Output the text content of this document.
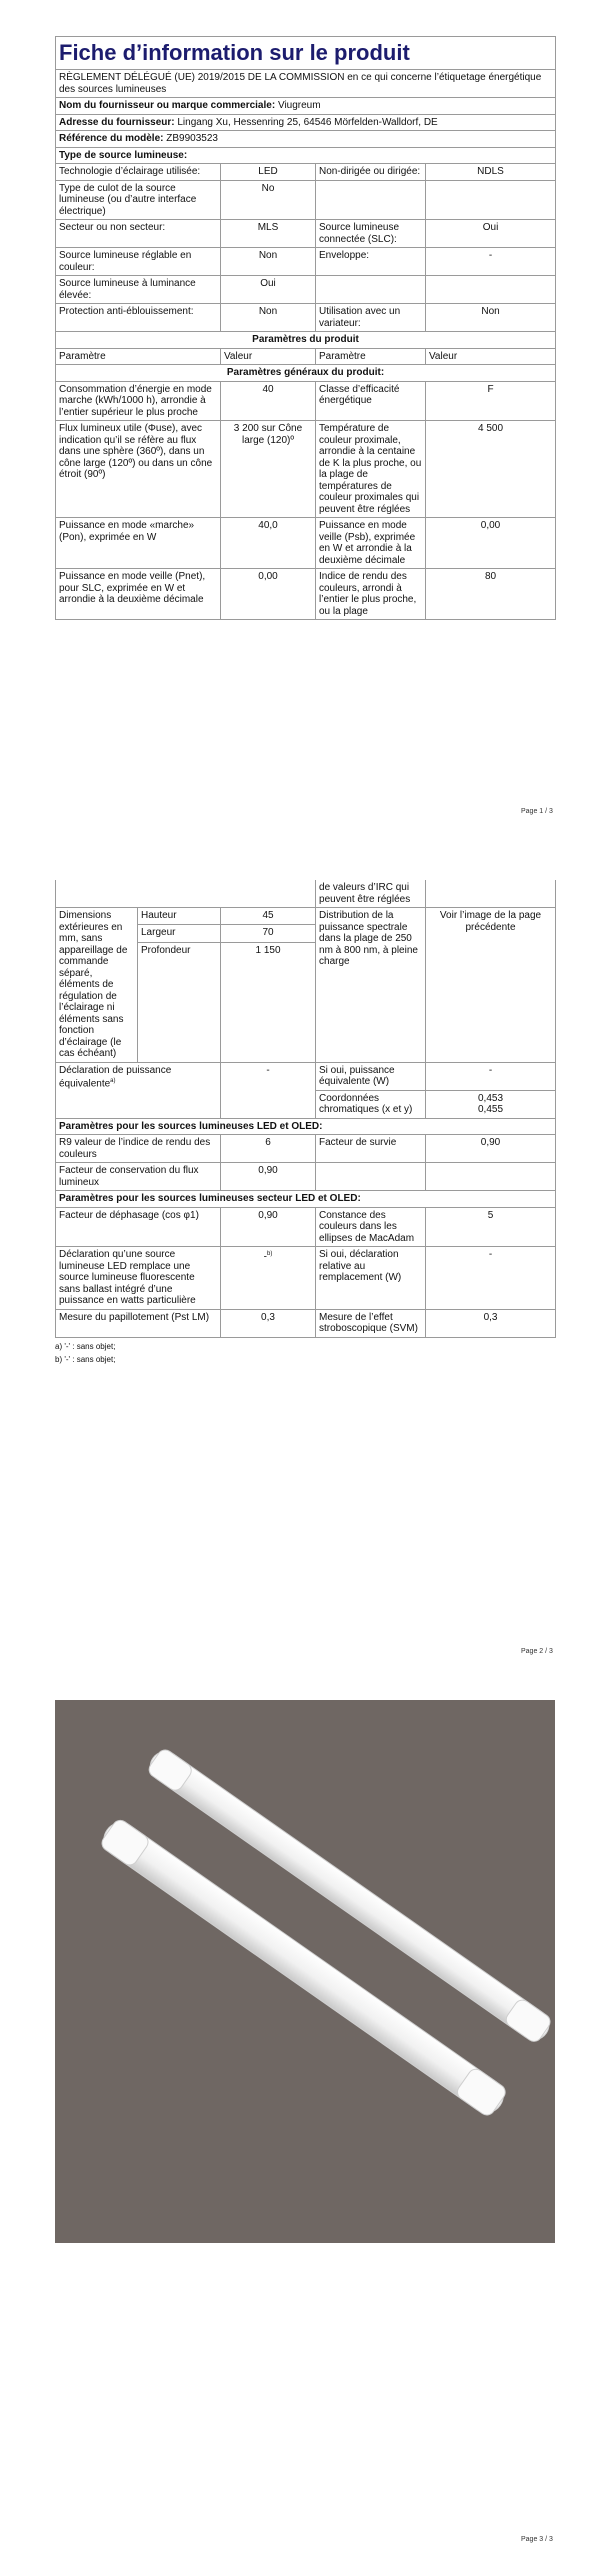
Fiche d’information sur le produit			
RÈGLEMENT DÉLÉGUÉ (UE) 2019/2015 DE LA COMMISSION en ce qui concerne l’étiquetage énergétique des sources lumineuses			
Nom du fournisseur ou marque commerciale: Viugreum			
Adresse du fournisseur: Lingang Xu, Hessenring 25, 64546 Mörfelden-Walldorf, DE			
Référence du modèle: ZB9903523			
Type de source lumineuse:			
Technologie d’éclairage utilisée:	LED	Non-dirigée ou dirigée:	NDLS
Type de culot de la source lumineuse (ou d’autre interface électrique)	No		
Secteur ou non secteur:	MLS	Source lumineuse connectée (SLC):	Oui
Source lumineuse réglable en couleur:	Non	Enveloppe:	-
Source lumineuse à luminance élevée:	Oui		
Protection anti-éblouissement:	Non	Utilisation avec un variateur:	Non
Paramètres du produit			
Paramètre	Valeur	Paramètre	Valeur
Paramètres généraux du produit:			
Consommation d’énergie en mode marche (kWh/1000 h), arrondie à l’entier supérieur le plus proche	40	Classe d’efficacité énergétique	F
Flux lumineux utile (Φuse), avec indication qu’il se réfère au flux dans une sphère (360º), dans un cône large (120º) ou dans un cône étroit (90º)	3 200 sur Cône large (120)º	Température de couleur proximale, arrondie à la centaine de K la plus proche, ou la plage de températures de couleur proximales qui peuvent être réglées	4 500
Puissance en mode «marche» (Pon), exprimée en W	40,0	Puissance en mode veille (Psb), exprimée en W et arrondie à la deuxième décimale	0,00
Puissance en mode veille (Pnet), pour SLC, exprimée en W et arrondie à la deuxième décimale	0,00	Indice de rendu des couleurs, arrondi à l’entier le plus proche, ou la plage	80
Page 1 / 3
			de valeurs d’IRC qui peuvent être réglées	
Dimensions extérieures en mm, sans appareillage de commande séparé, éléments de régulation de l’éclairage ni éléments sans fonction d’éclairage (le cas échéant)	Hauteur	45	Distribution de la puissance spectrale dans la plage de 250 nm à 800 nm, à pleine charge	Voir l’image de la page précédente
	Largeur	70		
	Profondeur	1 150		
Déclaration de puissance équivalente$^{a)}$		-	Si oui, puissance équivalente (W)	-
			Coordonnées chromatiques (x et y)	0,453
0,455

Paramètres pour les sources lumineuses LED et OLED:				
R9 valeur de l’indice de rendu des couleurs		6	Facteur de survie	0,90
Facteur de conservation du flux lumineux		0,90		
Paramètres pour les sources lumineuses secteur LED et OLED:				
Facteur de déphasage (cos φ1)		0,90	Constance des couleurs dans les ellipses de MacAdam	5
Déclaration qu’une source lumineuse LED remplace une source lumineuse fluorescente sans ballast intégré d’une puissance en watts particulière		-$^{b)}$	Si oui, déclaration relative au remplacement (W)	-
Mesure du papillotement (Pst LM)		0,3	Mesure de l’effet stroboscopique (SVM)	0,3
a) '-' : sans objet;
b) '-' : sans objet;
Page 2 / 3
Page 3 / 3
